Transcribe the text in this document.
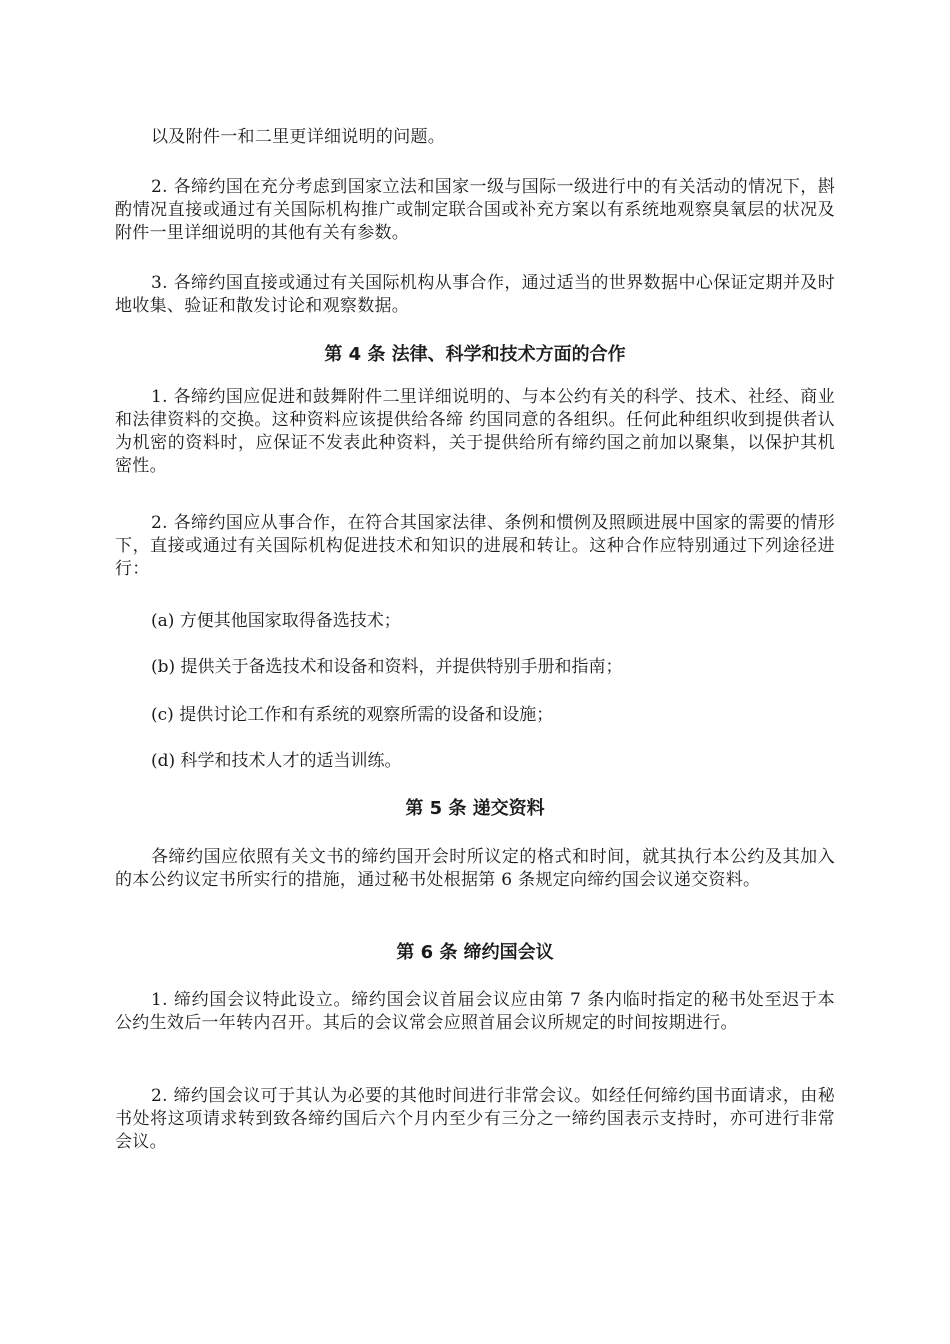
以及附件一和二里更详细说明的问题。

2. 各缔约国在充分考虑到国家立法和国家一级与国际一级进行中的有关活动的情况下，斟酌情况直接或通过有关国际机构推广或制定联合国或补充方案以有系统地观察臭氧层的状况及附件一里详细说明的其他有关有参数。

3. 各缔约国直接或通过有关国际机构从事合作，通过适当的世界数据中心保证定期并及时地收集、验证和散发讨论和观察数据。

第 4 条 法律、科学和技术方面的合作

1. 各缔约国应促进和鼓舞附件二里详细说明的、与本公约有关的科学、技术、社经、商业和法律资料的交换。这种资料应该提供给各缔 约国同意的各组织。任何此种组织收到提供者认为机密的资料时，应保证不发表此种资料，关于提供给所有缔约国之前加以聚集，以保护其机密性。

2. 各缔约国应从事合作，在符合其国家法律、条例和惯例及照顾进展中国家的需要的情形下，直接或通过有关国际机构促进技术和知识的进展和转让。这种合作应特别通过下列途径进行：

(a) 方便其他国家取得备选技术；

(b) 提供关于备选技术和设备和资料，并提供特别手册和指南；

(c) 提供讨论工作和有系统的观察所需的设备和设施；

(d) 科学和技术人才的适当训练。

第 5 条 递交资料

各缔约国应依照有关文书的缔约国开会时所议定的格式和时间，就其执行本公约及其加入的本公约议定书所实行的措施，通过秘书处根据第 6 条规定向缔约国会议递交资料。

第 6 条 缔约国会议

1. 缔约国会议特此设立。缔约国会议首届会议应由第 7 条内临时指定的秘书处至迟于本公约生效后一年转内召开。其后的会议常会应照首届会议所规定的时间按期进行。

2. 缔约国会议可于其认为必要的其他时间进行非常会议。如经任何缔约国书面请求，由秘书处将这项请求转到致各缔约国后六个月内至少有三分之一缔约国表示支持时，亦可进行非常会议。
